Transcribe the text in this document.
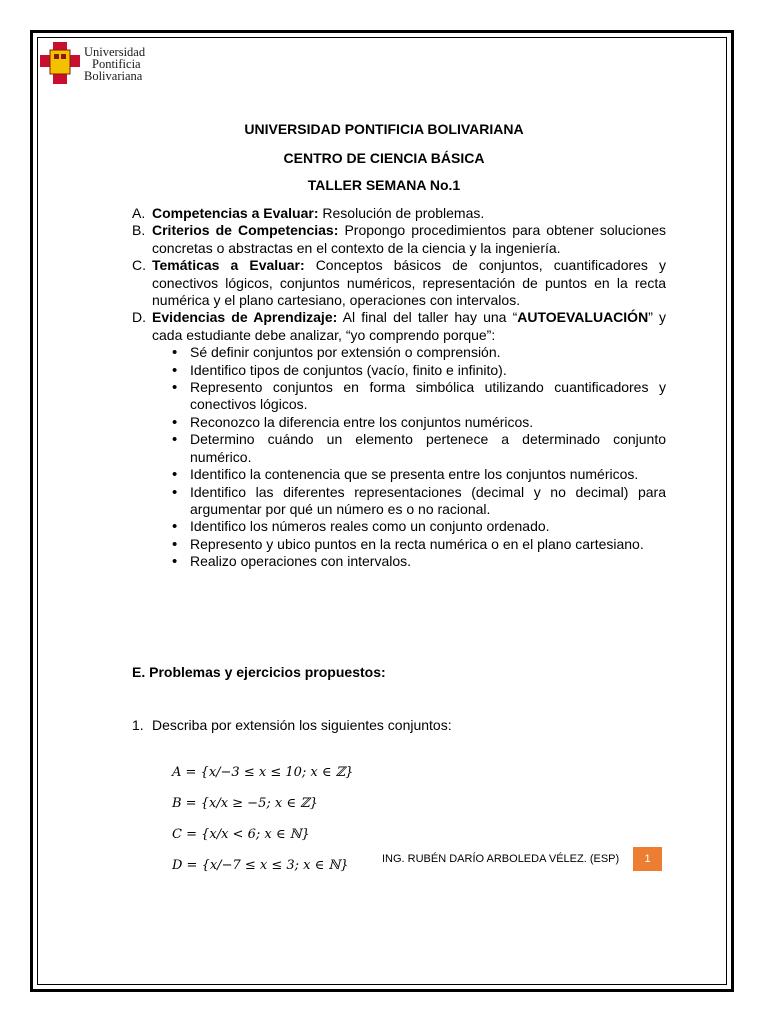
Universidad
Pontificia
Bolivariana
UNIVERSIDAD PONTIFICIA BOLIVARIANA
CENTRO DE CIENCIA BÁSICA
TALLER SEMANA No.1
A. Competencias a Evaluar: Resolución de problemas.

B. Criterios de Competencias: Propongo procedimientos para obtener soluciones concretas o abstractas en el contexto de la ciencia y la ingeniería.

C. Temáticas a Evaluar: Conceptos básicos de conjuntos, cuantificadores y conectivos lógicos, conjuntos numéricos, representación de puntos en la recta numérica y el plano cartesiano, operaciones con intervalos.

D. Evidencias de Aprendizaje: Al final del taller hay una “AUTOEVALUACIÓN” y cada estudiante debe analizar, “yo comprendo porque”:

• Sé definir conjuntos por extensión o comprensión.
• Identifico tipos de conjuntos (vacío, finito e infinito).
• Represento conjuntos en forma simbólica utilizando cuantificadores y conectivos lógicos.
• Reconozco la diferencia entre los conjuntos numéricos.
• Determino cuándo un elemento pertenece a determinado conjunto numérico.
• Identifico la contenencia que se presenta entre los conjuntos numéricos.
• Identifico las diferentes representaciones (decimal y no decimal) para argumentar por qué un número es o no racional.
• Identifico los números reales como un conjunto ordenado.
• Represento y ubico puntos en la recta numérica o en el plano cartesiano.
• Realizo operaciones con intervalos.
E. Problemas y ejercicios propuestos:
1. Describa por extensión los siguientes conjuntos:
A = {x/−3 ≤ x ≤ 10; x ∈ ℤ}
B = {x/x ≥ −5; x ∈ ℤ}
C = {x/x < 6; x ∈ ℕ}
D = {x/−7 ≤ x ≤ 3; x ∈ ℕ}	ING. RUBÉN DARÍO ARBOLEDA VÉLEZ. (ESP)	1
